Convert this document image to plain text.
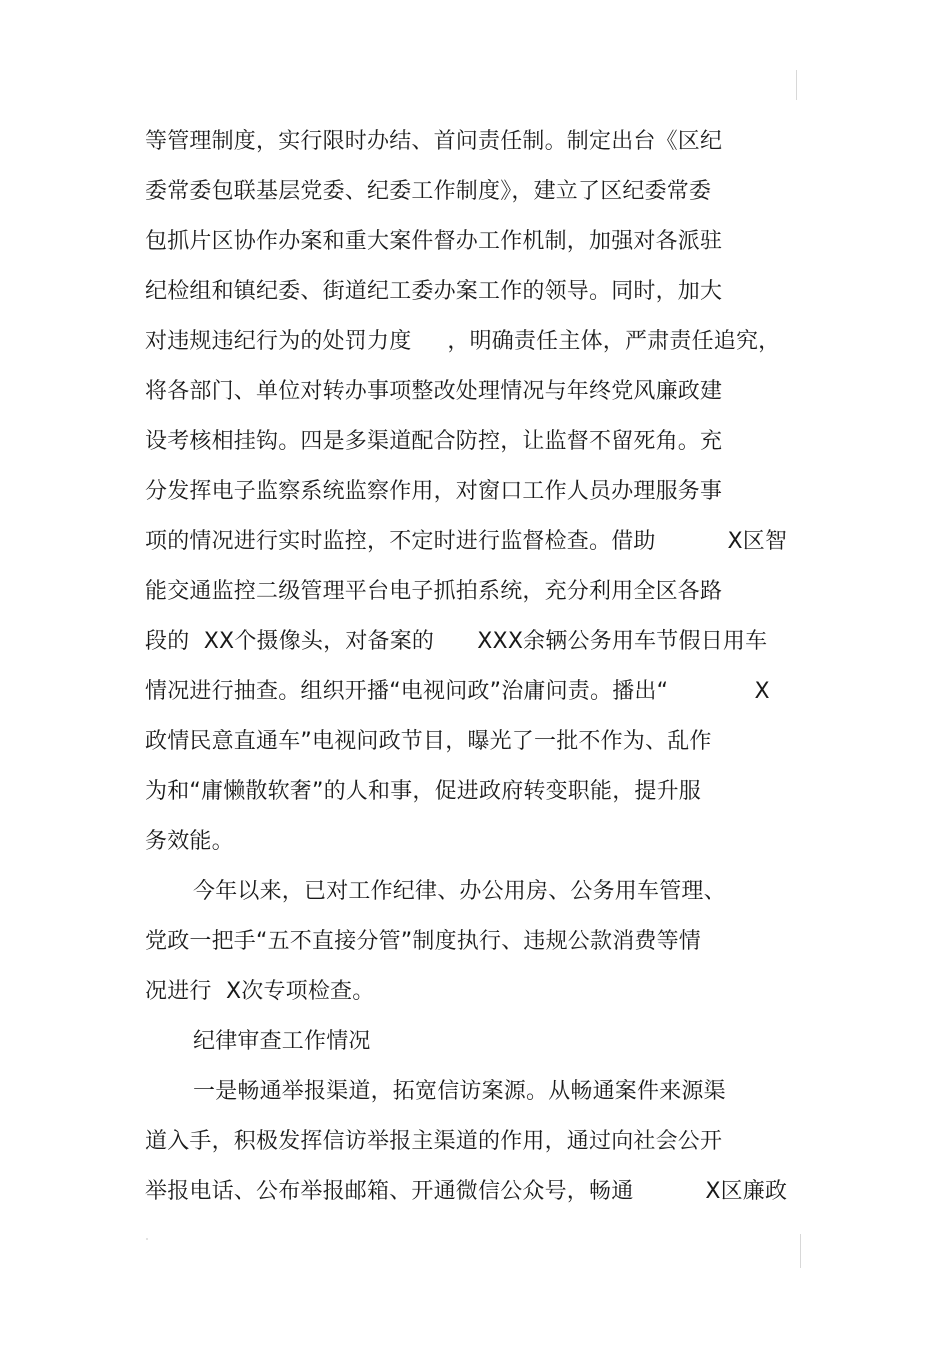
等管理制度，实行限时办结、首问责任制。制定出台《区纪
委常委包联基层党委、纪委工作制度》，建立了区纪委常委
包抓片区协作办案和重大案件督办工作机制，加强对各派驻
纪检组和镇纪委、街道纪工委办案工作的领导。同时，加大
对违规违纪行为的处罚力度     ，明确责任主体，严肃责任追究，
将各部门、单位对转办事项整改处理情况与年终党风廉政建
设考核相挂钩。四是多渠道配合防控，让监督不留死角。充
分发挥电子监察系统监察作用，对窗口工作人员办理服务事
项的情况进行实时监控，不定时进行监督检查。借助          X区智
能交通监控二级管理平台电子抓拍系统，充分利用全区各路
段的  XX个摄像头，对备案的      XXX余辆公务用车节假日用车
情况进行抽查。组织开播“电视问政”治庸问责。播出“            X
政情民意直通车”电视问政节目，曝光了一批不作为、乱作
为和“庸懒散软奢”的人和事，促进政府转变职能，提升服
务效能。
今年以来，已对工作纪律、办公用房、公务用车管理、
党政一把手“五不直接分管”制度执行、违规公款消费等情
况进行  X次专项检查。
纪律审查工作情况
一是畅通举报渠道，拓宽信访案源。从畅通案件来源渠
道入手，积极发挥信访举报主渠道的作用，通过向社会公开
举报电话、公布举报邮箱、开通微信公众号，畅通          X区廉政
